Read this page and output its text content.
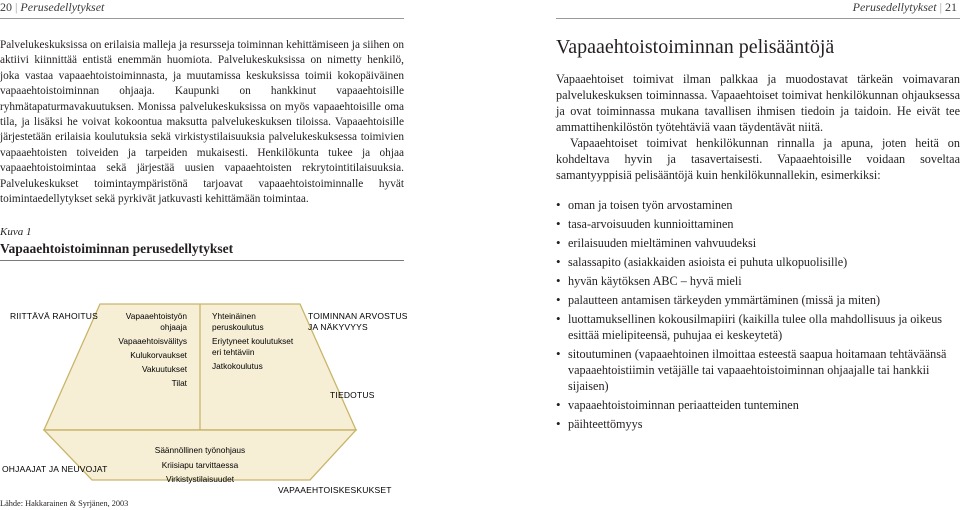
20 | Perusedellytykset	Perusedellytykset | 21

Palvelukeskuksissa on erilaisia malleja ja resursseja toiminnan kehittämiseen ja siihen on aktiivi kiinnittää entistä enemmän huomiota. Palvelukeskuksissa on nimetty henkilö, joka vastaa vapaaehtoistoiminnasta, ja muutamissa keskuksissa toimii kokopäiväinen vapaaehtoistoiminnan ohjaaja. Kaupunki on hankkinut vapaaehtoisille ryhmätapaturmavakuutuksen. Monissa palvelukeskuksissa on myös vapaaehtoisille oma tila, ja lisäksi he voivat kokoontua maksutta palvelukeskuksen tiloissa. Vapaaehtoisille järjestetään erilaisia koulutuksia sekä virkistystilaisuuksia palvelukeskuksessa toimivien vapaaehtoisten toiveiden ja tarpeiden mukaisesti. Henkilökunta tukee ja ohjaa vapaaehtoistoimintaa sekä järjestää uusien vapaaehtoisten rekrytointitilaisuuksia. Palvelukeskukset toimintaympäristönä tarjoavat vapaaehtoistoiminnalle hyvät toimintaedellytykset sekä pyrkivät jatkuvasti kehittämään toimintaa.

Kuva 1
Vapaaehtoistoiminnan perusedellytykset
RIITTÄVÄ RAHOITUS	TOIMINNAN ARVOSTUS
JA NÄKYVYYS
TIEDOTUS
OHJAAJAT JA NEUVOJAT
VAPAAEHTOISKESKUKSET
Vapaaehtoistyön
ohjaaja
Vapaaehtoisvälitys
Kulukorvaukset
Vakuutukset
Tilat
Yhteinäinen
peruskoulutus
Eriytyneet koulutukset
eri tehtäviin
Jatkokoulutus
Säännöllinen työnohjaus
Kriisiapu tarvittaessa
Virkistystilaisuudet
Lähde: Hakkarainen & Syrjänen, 2003
Vapaaehtoistoiminnan pelisääntöjä

Vapaaehtoiset toimivat ilman palkkaa ja muodostavat tärkeän voimavaran palvelukeskuksen toiminnassa. Vapaaehtoiset toimivat henkilökunnan ohjauksessa ja ovat toiminnassa mukana tavallisen ihmisen tiedoin ja taidoin. He eivät tee ammattihenkilöstön työtehtäviä vaan täydentävät niitä.

Vapaaehtoiset toimivat henkilökunnan rinnalla ja apuna, joten heitä on kohdeltava hyvin ja tasavertaisesti. Vapaaehtoisille voidaan soveltaa samantyyppisiä pelisääntöjä kuin henkilökunnallekin, esimerkiksi:

• oman ja toisen työn arvostaminen
• tasa-arvoisuuden kunnioittaminen
• erilaisuuden mieltäminen vahvuudeksi
• salassapito (asiakkaiden asioista ei puhuta ulkopuolisille)
• hyvän käytöksen ABC – hyvä mieli
• palautteen antamisen tärkeyden ymmärtäminen (missä ja miten)
• luottamuksellinen kokousilmapiiri (kaikilla tulee olla mahdollisuus ja oikeus esittää mielipiteensä, puhujaa ei keskeytetä)
• sitoutuminen (vapaaehtoinen ilmoittaa esteestä saapua hoitamaan tehtäväänsä vapaaehtoistiimin vetäjälle tai vapaaehtoistoiminnan ohjaajalle tai hankkii sijaisen)
• vapaaehtoistoiminnan periaatteiden tunteminen
• päihteettömyys
